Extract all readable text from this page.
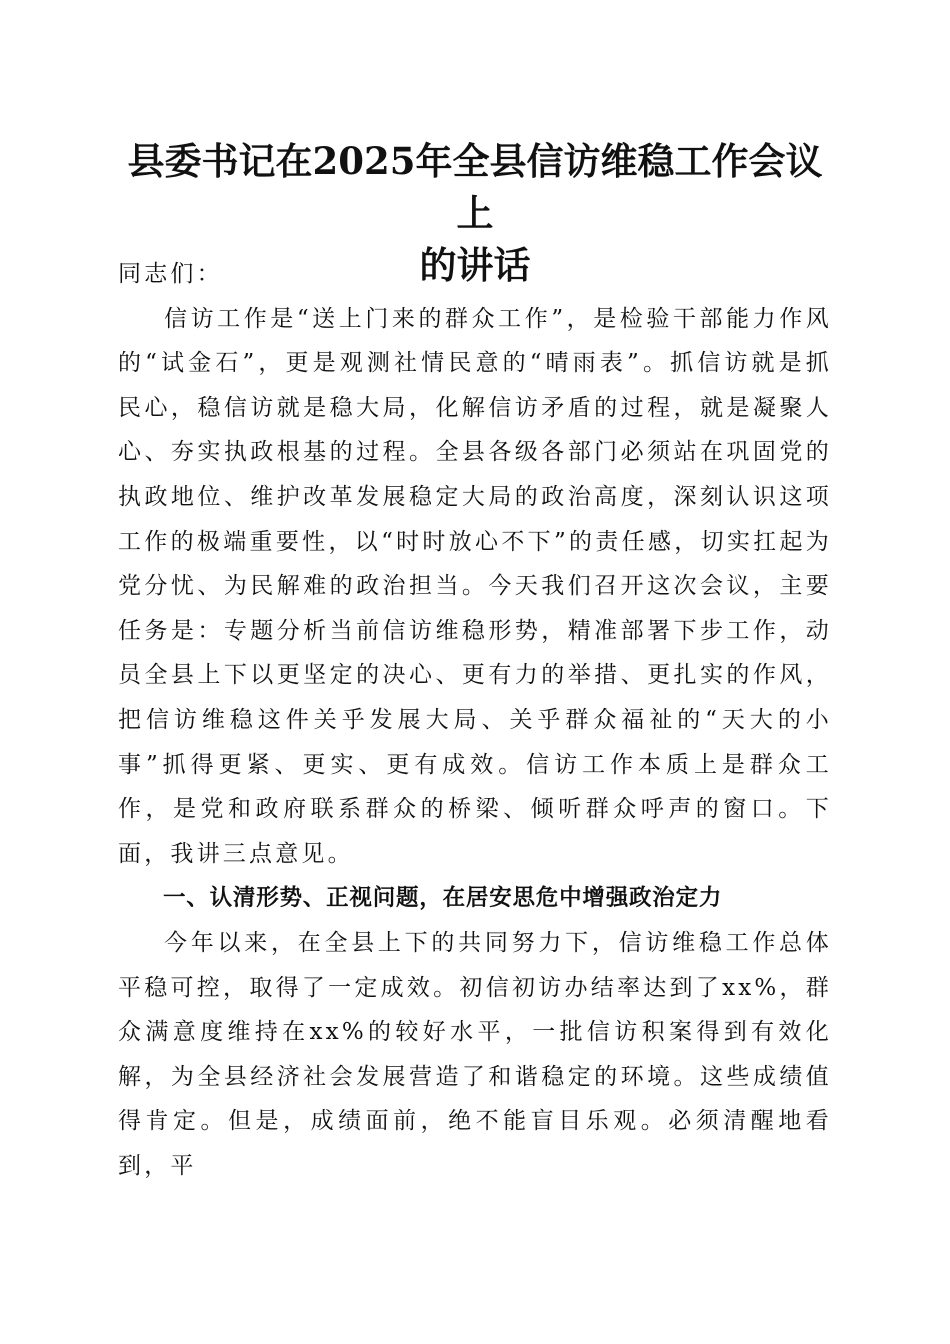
县委书记在2025年全县信访维稳工作会议上
的讲话

同志们：

信访工作是“送上门来的群众工作”，是检验干部能力作风的“试金石”，更是观测社情民意的“晴雨表”。抓信访就是抓民心，稳信访就是稳大局，化解信访矛盾的过程，就是凝聚人心、夯实执政根基的过程。全县各级各部门必须站在巩固党的执政地位、维护改革发展稳定大局的政治高度，深刻认识这项工作的极端重要性，以“时时放心不下”的责任感，切实扛起为党分忧、为民解难的政治担当。今天我们召开这次会议，主要任务是：专题分析当前信访维稳形势，精准部署下步工作，动员全县上下以更坚定的决心、更有力的举措、更扎实的作风，把信访维稳这件关乎发展大局、关乎群众福祉的“天大的小事”抓得更紧、更实、更有成效。信访工作本质上是群众工作，是党和政府联系群众的桥梁、倾听群众呼声的窗口。下面，我讲三点意见。

一、认清形势、正视问题，在居安思危中增强政治定力

今年以来，在全县上下的共同努力下，信访维稳工作总体平稳可控，取得了一定成效。初信初访办结率达到了xx%，群众满意度维持在xx%的较好水平，一批信访积案得到有效化解，为全县经济社会发展营造了和谐稳定的环境。这些成绩值得肯定。但是，成绩面前，绝不能盲目乐观。必须清醒地看到，平
